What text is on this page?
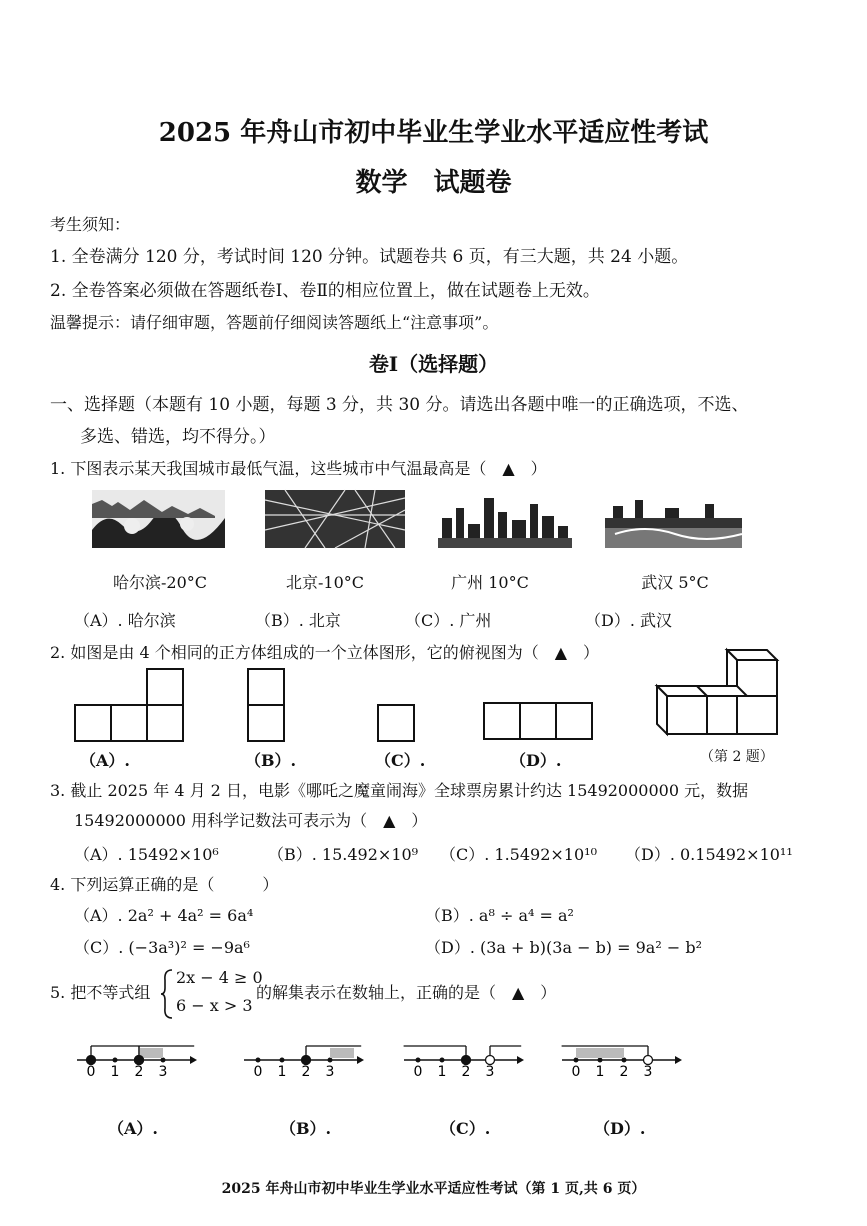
2025 年舟山市初中毕业生学业水平适应性考试
数学　试题卷
考生须知：
1. 全卷满分 120 分，考试时间 120 分钟。试题卷共 6 页，有三大题，共 24 小题。
2. 全卷答案必须做在答题纸卷Ⅰ、卷Ⅱ的相应位置上，做在试题卷上无效。
温馨提示：请仔细审题，答题前仔细阅读答题纸上“注意事项”。
卷Ⅰ（选择题）
一、选择题（本题有 10 小题，每题 3 分，共 30 分。请选出各题中唯一的正确选项，不选、
多选、错选，均不得分。）
1. 下图表示某天我国城市最低气温，这些城市中气温最高是（　▲　）
哈尔滨-20°C	北京-10°C	广州 10°C	武汉 5°C
（A）. 哈尔滨	（B）. 北京	（C）. 广州	（D）. 武汉
2. 如图是由 4 个相同的正方体组成的一个立体图形，它的俯视图为（　▲　）
（A）.	（B）.	（C）.	（D）.	（第 2 题）
3. 截止 2025 年 4 月 2 日，电影《哪吒之魔童闹海》全球票房累计约达 15492000000 元，数据
15492000000 用科学记数法可表示为（　▲　）
（A）. 15492×10⁶	（B）. 15.492×10⁹ （C）. 1.5492×10¹⁰ （D）. 0.15492×10¹¹
4. 下列运算正确的是（　　　）
（A）. 2a² + 4a² = 6a⁴	（B）. a⁸ ÷ a⁴ = a²
（C）. (−3a³)² = −9a⁶	（D）. (3a + b)(3a − b) = 9a² − b²
5. 把不等式组
2x − 4 ≥ 0
6 − x > 3
的解集表示在数轴上，正确的是（　▲　）
0 1 2 3	0 1 2 3	0 1 2 3	0 1 2 3
（A）.	（B）.	（C）.	（D）.
2025 年舟山市初中毕业生学业水平适应性考试（第 1 页,共 6 页）
